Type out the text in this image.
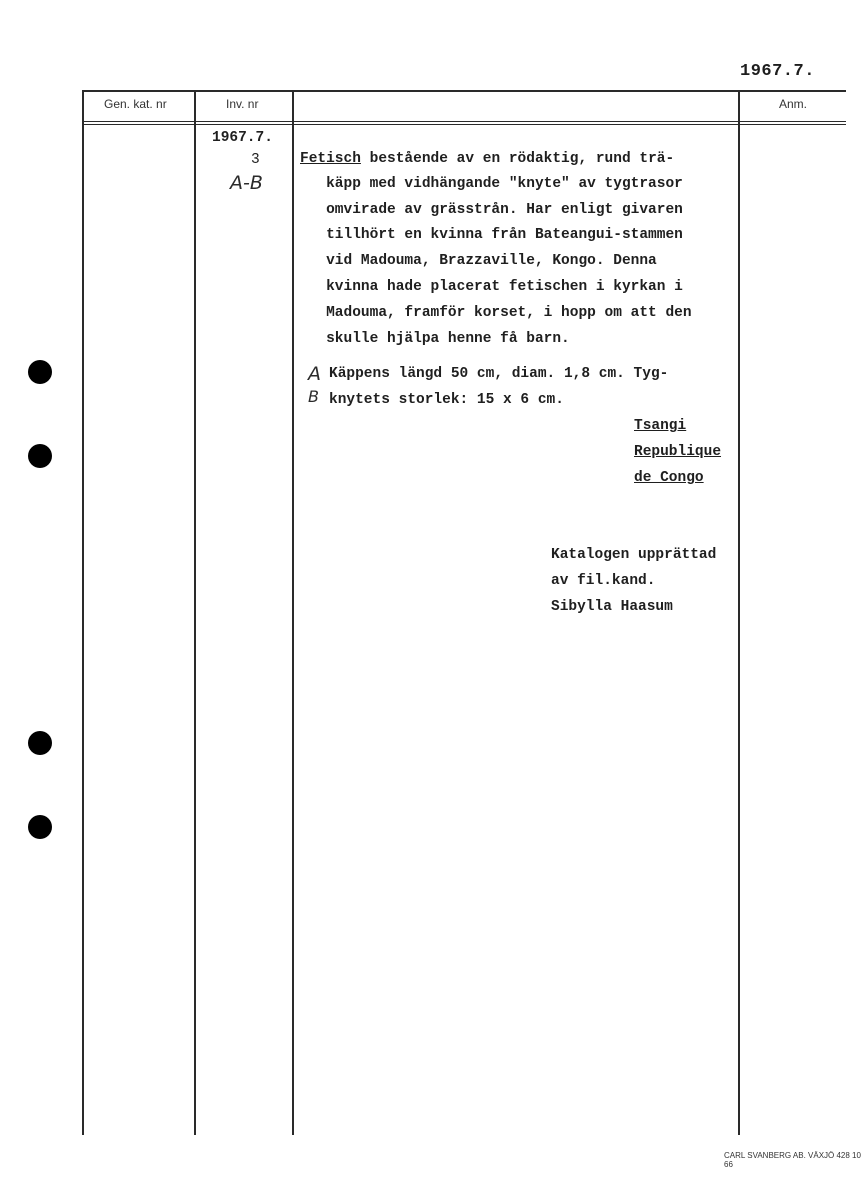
1967.7.
Gen. kat. nr	Inv. nr	Anm.
1967.7.
3
A-B
Fetisch bestående av en rödaktig, rund trä-
käpp med vidhängande "knyte" av tygtrasor
omvirade av grässtrån. Har enligt givaren
tillhört en kvinna från Bateangui-stammen
vid Madouma, Brazzaville, Kongo. Denna
kvinna hade placerat fetischen i kyrkan i
Madouma, framför korset, i hopp om att den
skulle hjälpa henne få barn.
A Käppens längd 50 cm, diam. 1,8 cm. Tyg-
B knytets storlek: 15 x 6 cm.
Tsangi
Republique
de Congo
Katalogen upprättad
av fil.kand.
Sibylla Haasum
CARL SVANBERG AB. VÄXJÖ 428 10 66
